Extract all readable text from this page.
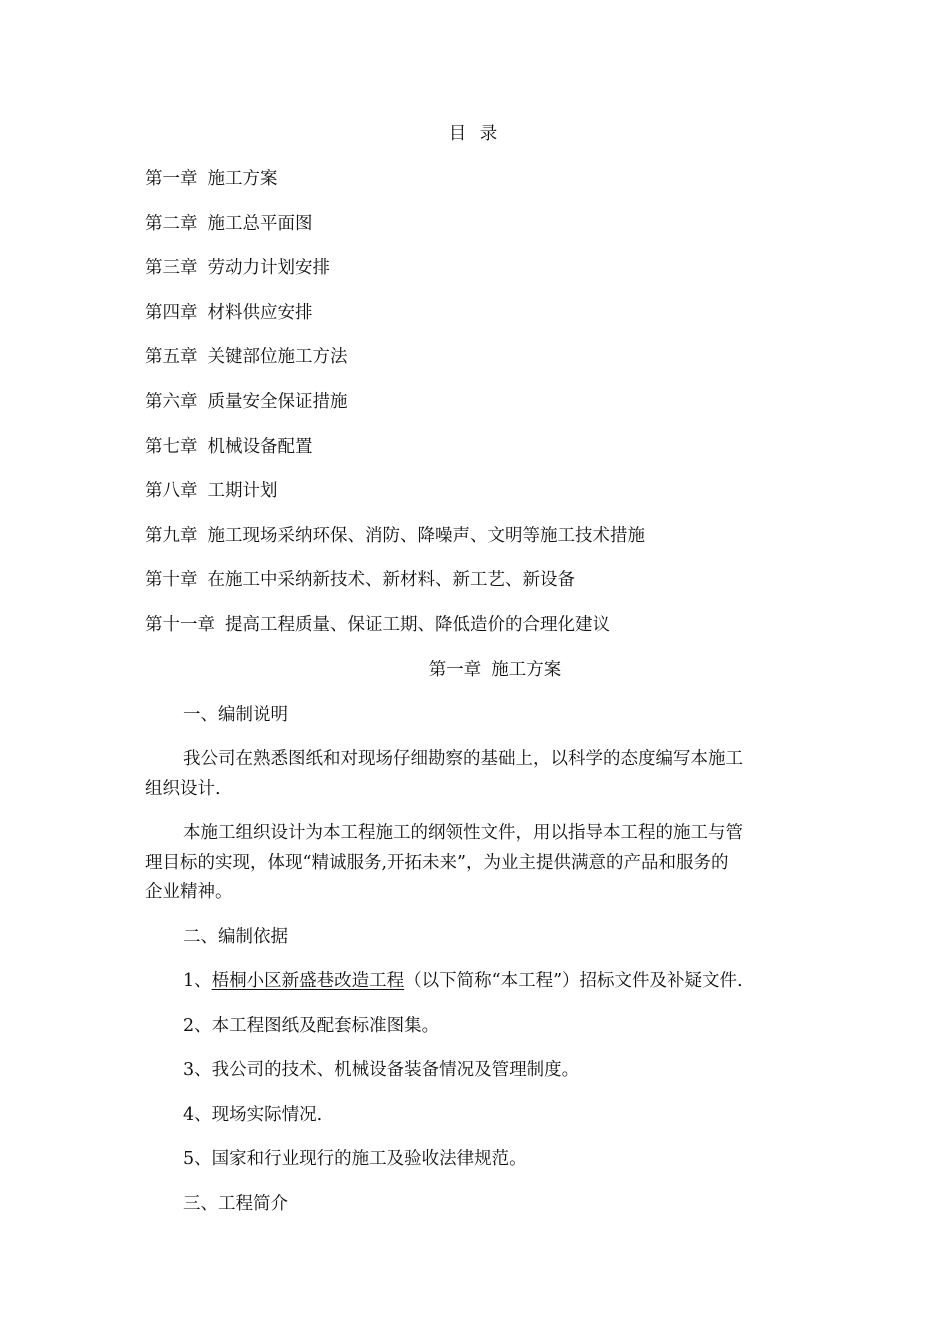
目 录
第一章 施工方案
第二章 施工总平面图
第三章 劳动力计划安排
第四章 材料供应安排
第五章 关键部位施工方法
第六章 质量安全保证措施
第七章 机械设备配置
第八章 工期计划
第九章 施工现场采纳环保、消防、降噪声、文明等施工技术措施
第十章 在施工中采纳新技术、新材料、新工艺、新设备
第十一章 提高工程质量、保证工期、降低造价的合理化建议
第一章 施工方案
一、编制说明
我公司在熟悉图纸和对现场仔细勘察的基础上，以科学的态度编写本施工
组织设计.
本施工组织设计为本工程施工的纲领性文件，用以指导本工程的施工与管
理目标的实现，体现“精诚服务,开拓未来”，为业主提供满意的产品和服务的
企业精神。
二、编制依据
1、梧桐小区新盛巷改造工程（以下简称“本工程”）招标文件及补疑文件.
2、本工程图纸及配套标准图集。
3、我公司的技术、机械设备装备情况及管理制度。
4、现场实际情况.
5、国家和行业现行的施工及验收法律规范。
三、工程简介
